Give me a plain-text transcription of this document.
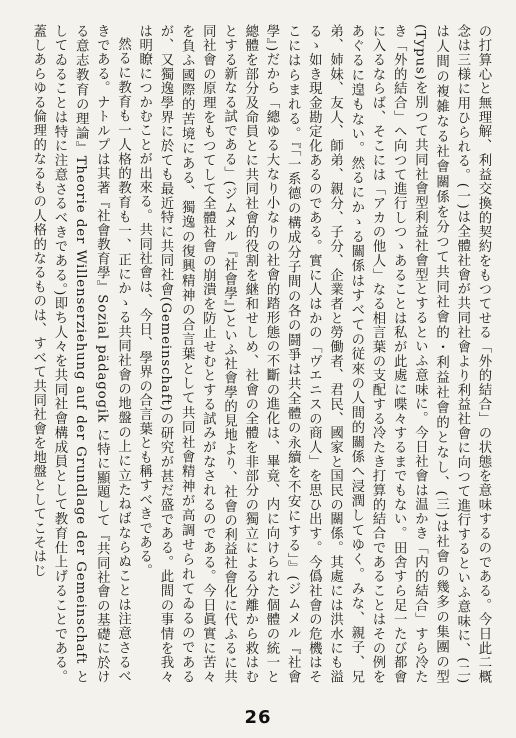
の打算心と無理解、利益交換的契約をもつてせる「外的結合」の状態を意味するのである。今日此二概念は三様に用ひられる。(一)は全體社會が共同社會より利益社會に向つて進行するといふ意味に、(二)は人間の複雑なる社會關係を分つて共同社會的・利益社會的となし、(三)は社會の幾多の集團の型(Typus)を別つて共同社會型利益社會型とするといふ意味に。今日社會は温かき「内的結合」すら冷たき「外的結合」へ向つて進行しつゝあることは私が此處に喋々するまでもない。田舎すら足一たび都會に入るならば、そこには「アカの他人」なる相言葉の支配する冷たき打算的結合であることはその例をあぐるに遑もない。然るにかゝる關係はすべての従來の人間的關係へ浸潤してゆく。みな、親子、兄弟、姉妹、友人、師弟、親分、子分、企業者と勞働者、君民、國家と国民の關係。其處には洪水にも溢るゝ如き現金勘定化あるのである。實に人はかの「ヴエニスの商人」を思ひ出す。今僞社會の危機はそこにはらまれる。『「一系德の構成分子間の各の鬪爭は共全體の永續を不安にする」』(ジムメル『社會學』)だから「總ゆる大なり小なりの社會的踏形態の不斷の進化は、畢竟、内に向けられた個體の統一と總體を部分及命員とに共同社會的役割を継和せしめ、社會の全體を非部分の獨立による分離から救はむとする新なる試である」(ジムメル『社會學』)といふ社會學的見地より、社會の利益社會化に代ふるに共同社會の原理をもつてして全體社會の崩潰を防止せむとする試みがなされるのである。今日眞實に苦々を負ふ國際的苦境にある、獨逸の復興精神の合言葉として共同社會精神が高調せられてゐるのであるが、又獨逸學界に於ても最近特に共同社會(Gemeinschaft)の研究が甚だ盛である。此間の事情を我々は明瞭につかむことが出來る。共同社會は、今日、學界の合言葉とも稱すべきである。

然るに教育も一人格的教育も一、正にかゝる共同社會の地盤の上に立たねばならぬことは注意さるべきである。ナトルプは其著『社會教育學』Sozial pädagogik に特に顯題して『共同社會の基礎に於ける意志教育の理論』Theorie der Willenserziehung auf der Grundlage der Gemeinschaft としてゐることは特に注意さるべきである。)即ち人々を共同社會構成員として教育仕上げることである。蓋しあらゆる倫理的なるもの人格的なるものは、すべて共同社會を地盤としてこそはじ

26
